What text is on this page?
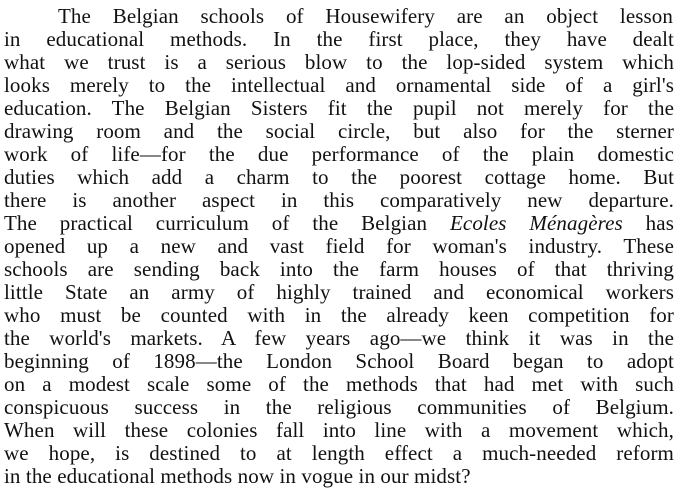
The Belgian schools of Housewifery are an object lesson
in educational methods. In the first place, they have dealt
what we trust is a serious blow to the lop-sided system which
looks merely to the intellectual and ornamental side of a girl's
education. The Belgian Sisters fit the pupil not merely for the
drawing room and the social circle, but also for the sterner
work of life—for the due performance of the plain domestic
duties which add a charm to the poorest cottage home. But
there is another aspect in this comparatively new departure.
The practical curriculum of the Belgian Ecoles Ménagères has
opened up a new and vast field for woman's industry. These
schools are sending back into the farm houses of that thriving
little State an army of highly trained and economical workers
who must be counted with in the already keen competition for
the world's markets. A few years ago—we think it was in the
beginning of 1898—the London School Board began to adopt
on a modest scale some of the methods that had met with such
conspicuous success in the religious communities of Belgium.
When will these colonies fall into line with a movement which,
we hope, is destined to at length effect a much-needed reform
in the educational methods now in vogue in our midst?
